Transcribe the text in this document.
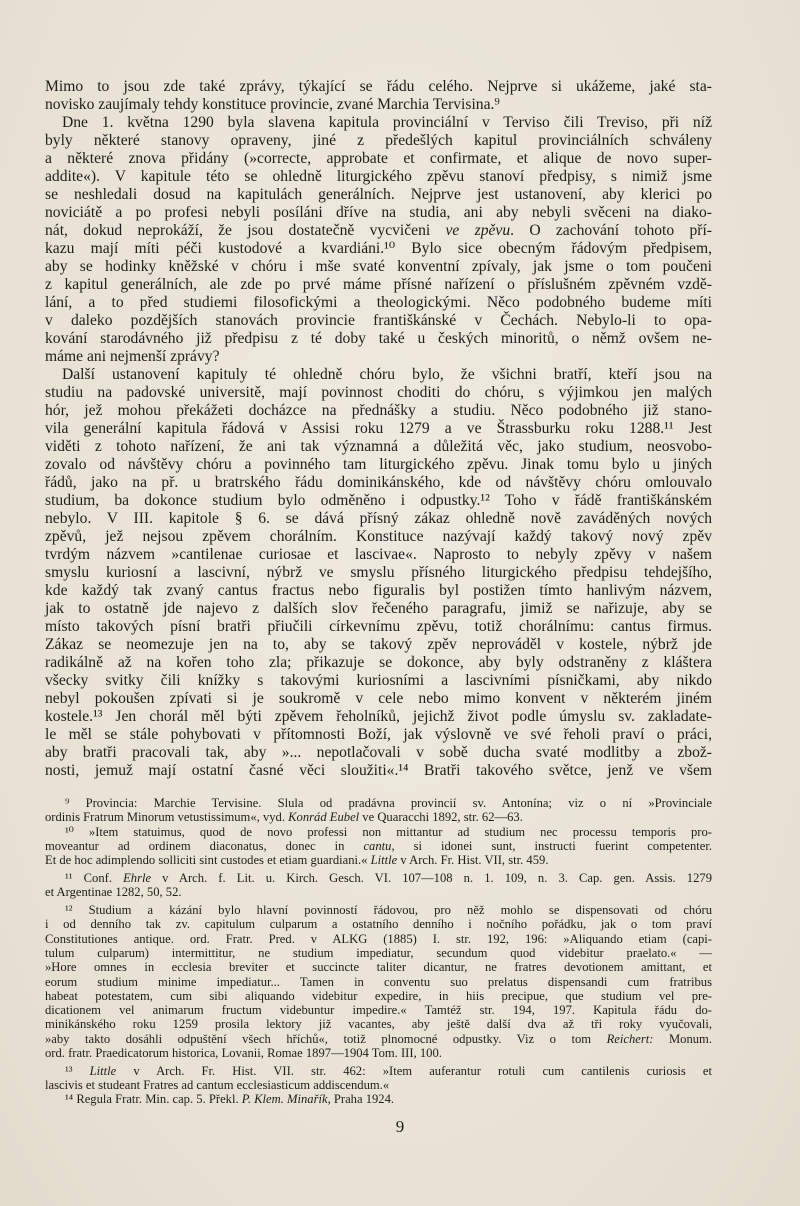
Mimo to jsou zde také zprávy, týkající se řádu celého. Nejprve si ukážeme, jaké sta-
novisko zaujímaly tehdy konstituce provincie, zvané Marchia Tervisina.⁹
Dne 1. května 1290 byla slavena kapitula provinciální v Terviso čili Treviso, při níž
byly některé stanovy opraveny, jiné z předešlých kapitul provinciálních schváleny
a některé znova přidány (»correcte, approbate et confirmate, et alique de novo super-
addite«). V kapitule této se ohledně liturgického zpěvu stanoví předpisy, s nimiž jsme
se neshledali dosud na kapitulách generálních. Nejprve jest ustanovení, aby klerici po
noviciátě a po profesi nebyli posíláni dříve na studia, ani aby nebyli svěceni na diako-
nát, dokud neprokáží, že jsou dostatečně vycvičeni ve zpěvu. O zachování tohoto pří-
kazu mají míti péči kustodové a kvardiáni.¹⁰ Bylo sice obecným řádovým předpisem,
aby se hodinky kněžské v chóru i mše svaté konventní zpívaly, jak jsme o tom poučeni
z kapitul generálních, ale zde po prvé máme přísné nařízení o příslušném zpěvném vzdě-
lání, a to před studiemi filosofickými a theologickými. Něco podobného budeme míti
v daleko pozdějších stanovách provincie františkánské v Čechách. Nebylo-li to opa-
kování starodávného již předpisu z té doby také u českých minoritů, o němž ovšem ne-
máme ani nejmenší zprávy?
Další ustanovení kapituly té ohledně chóru bylo, že všichni bratří, kteří jsou na
studiu na padovské universitě, mají povinnost choditi do chóru, s výjimkou jen malých
hór, jež mohou překážeti docházce na přednášky a studiu. Něco podobného již stano-
vila generální kapitula řádová v Assisi roku 1279 a ve Štrassburku roku 1288.¹¹ Jest
viděti z tohoto nařízení, že ani tak významná a důležitá věc, jako studium, neosvobo-
zovalo od návštěvy chóru a povinného tam liturgického zpěvu. Jinak tomu bylo u jiných
řádů, jako na př. u bratrského řádu dominikánského, kde od návštěvy chóru omlouvalo
studium, ba dokonce studium bylo odměněno i odpustky.¹² Toho v řádě františkánském
nebylo. V III. kapitole § 6. se dává přísný zákaz ohledně nově zaváděných nových
zpěvů, jež nejsou zpěvem chorálním. Konstituce nazývají každý takový nový zpěv
tvrdým názvem »cantilenae curiosae et lascivae«. Naprosto to nebyly zpěvy v našem
smyslu kuriosní a lascivní, nýbrž ve smyslu přísného liturgického předpisu tehdejšího,
kde každý tak zvaný cantus fractus nebo figuralis byl postižen tímto hanlivým názvem,
jak to ostatně jde najevo z dalších slov řečeného paragrafu, jimiž se nařizuje, aby se
místo takových písní bratři přiučili církevnímu zpěvu, totiž chorálnímu: cantus firmus.
Zákaz se neomezuje jen na to, aby se takový zpěv neprováděl v kostele, nýbrž jde
radikálně až na kořen toho zla; přikazuje se dokonce, aby byly odstraněny z kláštera
všecky svitky čili knížky s takovými kuriosními a lascivními písničkami, aby nikdo
nebyl pokoušen zpívati si je soukromě v cele nebo mimo konvent v některém jiném
kostele.¹³ Jen chorál měl býti zpěvem řeholníků, jejichž život podle úmyslu sv. zakladate-
le měl se stále pohybovati v přítomnosti Boží, jak výslovně ve své řeholi praví o práci,
aby bratři pracovali tak, aby »... nepotlačovali v sobě ducha svaté modlitby a zbož-
nosti, jemuž mají ostatní časné věci sloužiti«.¹⁴ Bratři takového světce, jenž ve všem
⁹ Provincia: Marchie Tervisine. Slula od pradávna provincií sv. Antonína; viz o ní »Provinciale
ordinis Fratrum Minorum vetustissimum«, vyd. Konrád Eubel ve Quaracchi 1892, str. 62—63.
¹⁰ »Item statuimus, quod de novo professi non mittantur ad studium nec processu temporis pro-
moveantur ad ordinem diaconatus, donec in cantu, si idonei sunt, instructi fuerint competenter.
Et de hoc adimplendo solliciti sint custodes et etiam guardiani.« Little v Arch. Fr. Hist. VII, str. 459.
¹¹ Conf. Ehrle v Arch. f. Lit. u. Kirch. Gesch. VI. 107—108 n. 1. 109, n. 3. Cap. gen. Assis. 1279
et Argentinae 1282, 50, 52.
¹² Studium a kázání bylo hlavní povinností řádovou, pro něž mohlo se dispensovati od chóru
i od denního tak zv. capitulum culparum a ostatního denního i nočního pořádku, jak o tom praví
Constitutiones antique. ord. Fratr. Pred. v ALKG (1885) I. str. 192, 196: »Aliquando etiam (capi-
tulum culparum) intermittitur, ne studium impediatur, secundum quod videbitur praelato.« —
»Hore omnes in ecclesia breviter et succincte taliter dicantur, ne fratres devotionem amittant, et
eorum studium minime impediatur... Tamen in conventu suo prelatus dispensandi cum fratribus
habeat potestatem, cum sibi aliquando videbitur expedire, in hiis precipue, que studium vel pre-
dicationem vel animarum fructum videbuntur impedire.« Tamtéž str. 194, 197. Kapitula řádu do-
minikánského roku 1259 prosila lektory již vacantes, aby ještě další dva až tři roky vyučovali,
»aby takto dosáhli odpuštění všech hříchů«, totiž plnomocné odpustky. Viz o tom Reichert: Monum.
ord. fratr. Praedicatorum historica, Lovanii, Romae 1897—1904 Tom. III, 100.
¹³ Little v Arch. Fr. Hist. VII. str. 462: »Item auferantur rotuli cum cantilenis curiosis et
lascivis et studeant Fratres ad cantum ecclesiasticum addiscendum.«
¹⁴ Regula Fratr. Min. cap. 5. Překl. P. Klem. Minařík, Praha 1924.
9
